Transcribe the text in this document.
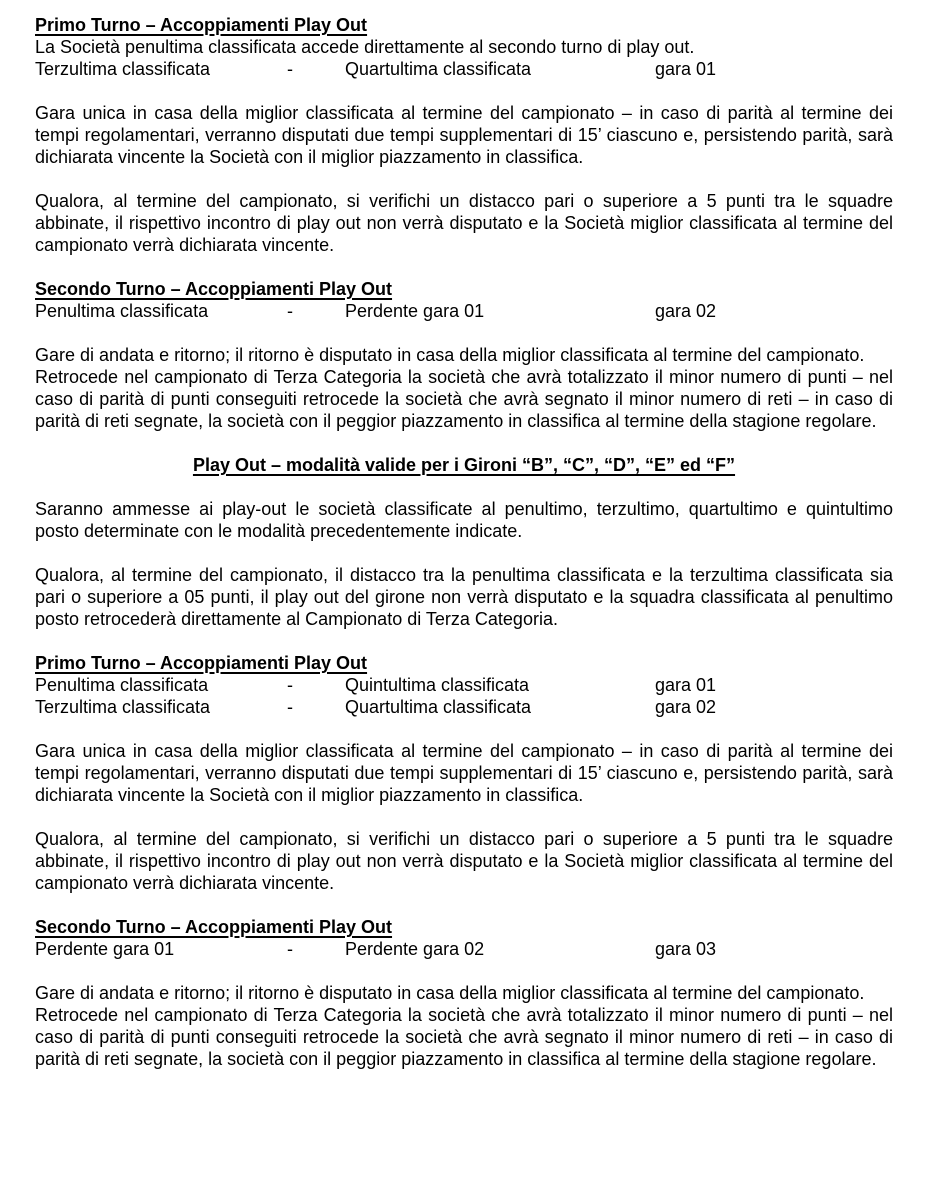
Primo Turno – Accoppiamenti Play Out

La Società penultima classificata accede direttamente al secondo turno di play out.

Terzultima classificata	-	Quartultima classificata	gara 01

Gara unica in casa della miglior classificata al termine del campionato – in caso di parità al termine dei tempi regolamentari, verranno disputati due tempi supplementari di 15’ ciascuno e, persistendo parità, sarà dichiarata vincente la Società con il miglior piazzamento in classifica.

Qualora, al termine del campionato, si verifichi un distacco pari o superiore a 5 punti tra le squadre abbinate, il rispettivo incontro di play out non verrà disputato e la Società miglior classificata al termine del campionato verrà dichiarata vincente.

Secondo Turno – Accoppiamenti Play Out
Penultima classificata	-	Perdente gara 01	gara 02

Gare di andata e ritorno; il ritorno è disputato in casa della miglior classificata al termine del campionato.

Retrocede nel campionato di Terza Categoria la società che avrà totalizzato il minor numero di punti – nel caso di parità di punti conseguiti retrocede la società che avrà segnato il minor numero di reti – in caso di parità di reti segnate, la società con il peggior piazzamento in classifica al termine della stagione regolare.

Play Out – modalità valide per i Gironi “B”, “C”, “D”, “E” ed “F”

Saranno ammesse ai play-out le società classificate al penultimo, terzultimo, quartultimo e quintultimo posto determinate con le modalità precedentemente indicate.

Qualora, al termine del campionato, il distacco tra la penultima classificata e la terzultima classificata sia pari o superiore a 05 punti, il play out del girone non verrà disputato e la squadra classificata al penultimo posto retrocederà direttamente al Campionato di Terza Categoria.

Primo Turno – Accoppiamenti Play Out
Penultima classificata	-	Quintultima classificata	gara 01
Terzultima classificata	-	Quartultima classificata	gara 02

Gara unica in casa della miglior classificata al termine del campionato – in caso di parità al termine dei tempi regolamentari, verranno disputati due tempi supplementari di 15’ ciascuno e, persistendo parità, sarà dichiarata vincente la Società con il miglior piazzamento in classifica.

Qualora, al termine del campionato, si verifichi un distacco pari o superiore a 5 punti tra le squadre abbinate, il rispettivo incontro di play out non verrà disputato e la Società miglior classificata al termine del campionato verrà dichiarata vincente.

Secondo Turno – Accoppiamenti Play Out
Perdente gara 01	-	Perdente gara 02	gara 03

Gare di andata e ritorno; il ritorno è disputato in casa della miglior classificata al termine del campionato.

Retrocede nel campionato di Terza Categoria la società che avrà totalizzato il minor numero di punti – nel caso di parità di punti conseguiti retrocede la società che avrà segnato il minor numero di reti – in caso di parità di reti segnate, la società con il peggior piazzamento in classifica al termine della stagione regolare.
